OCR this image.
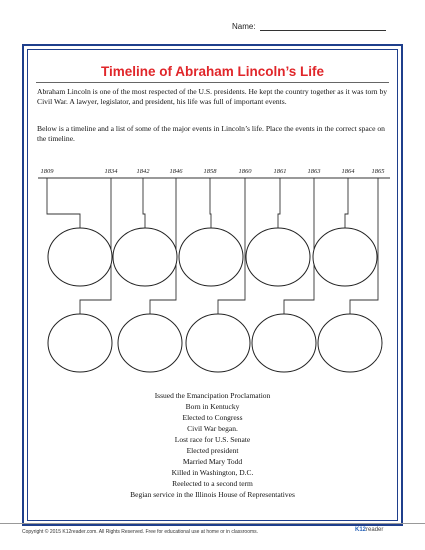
Name:
Timeline of Abraham Lincoln’s Life
Abraham Lincoln is one of the most respected of the U.S. presidents. He kept the country together as it was torn by Civil War. A lawyer, legislator, and president, his life was full of important events.
Below is a timeline and a list of some of the major events in Lincoln’s life. Place the events in the correct space on the timeline.
1809	1834	1842	1846	1858	1860	1861	1863	1864	1865
Issued the Emancipation Proclamation
Born in Kentucky
Elected to Congress
Civil War began.
Lost race for U.S. Senate
Elected president
Married Mary Todd
Killed in Washington, D.C.
Reelected to a second term
Begian service in the Illinois House of Representatives
Copyright © 2015 K12reader.com. All Rights Reserved. Free for educational use at home or in classrooms.	K12reader
